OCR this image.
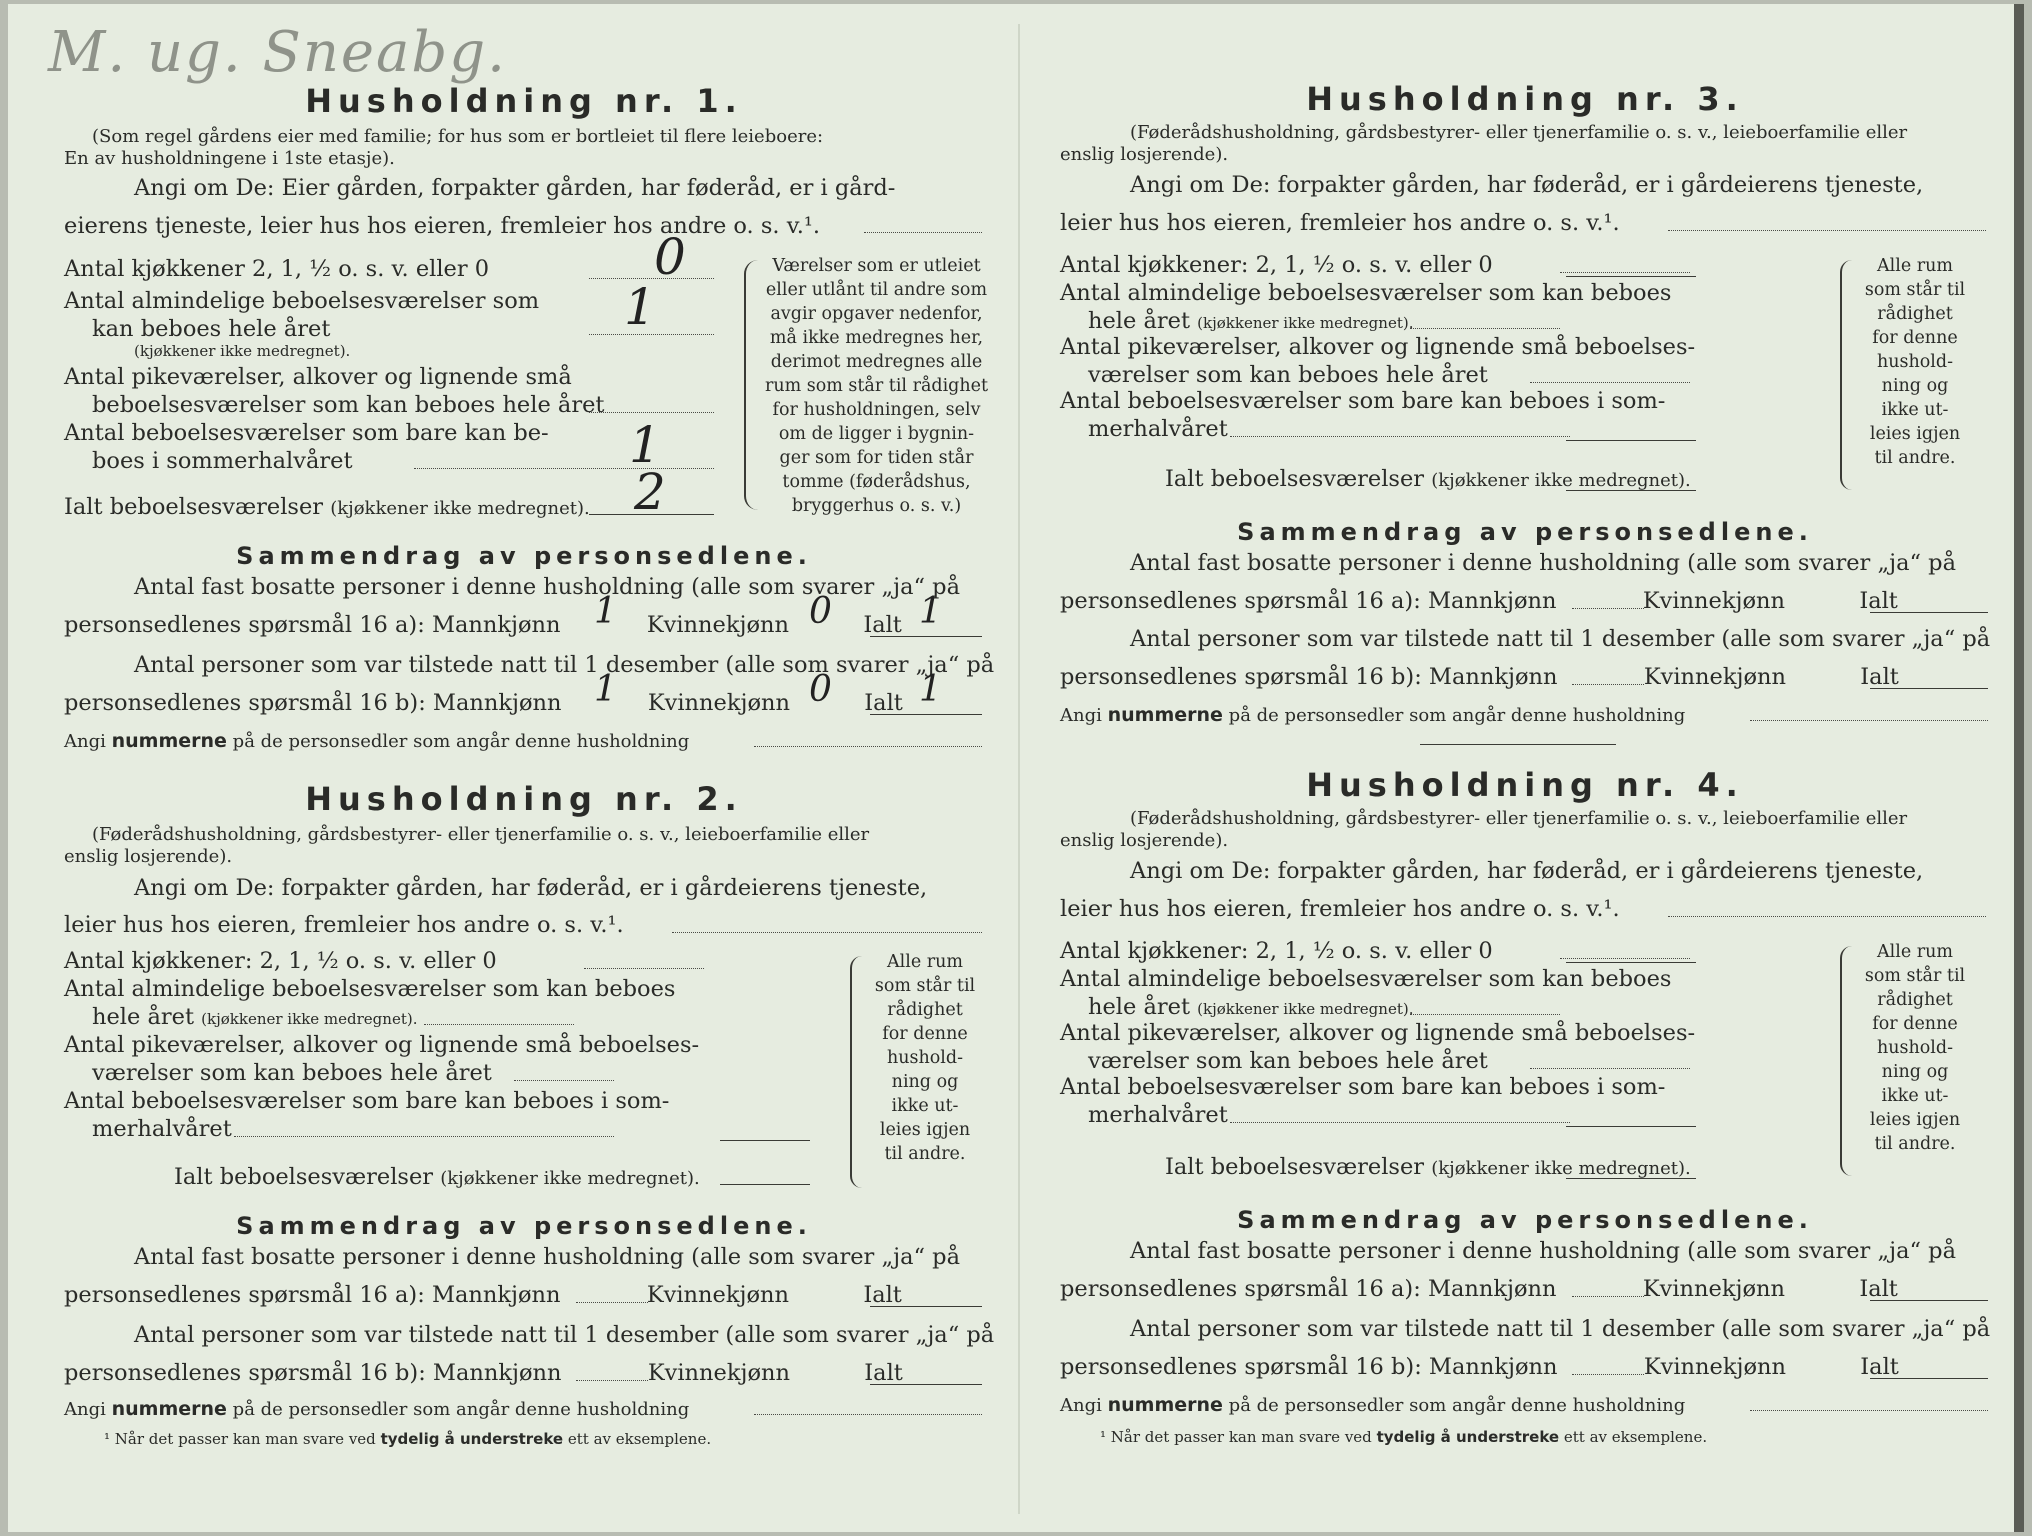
M. ug. Sneabg.
Husholdning nr. 1.
(Som regel gårdens eier med familie; for hus som er bortleiet til flere leieboere:
En av husholdningene i 1ste etasje).
Angi om De: Eier gården, forpakter gården, har føderåd, er i gård-
eierens tjeneste, leier hus hos eieren, fremleier hos andre o. s. v.¹.
Antal kjøkkener 2, 1, ½ o. s. v. eller 0	0
Antal almindelige beboelsesværelser som
kan beboes hele året
(kjøkkener ikke medregnet).
1
Antal pikeværelser, alkover og lignende små
beboelsesværelser som kan beboes hele året
Antal beboelsesværelser som bare kan be-
boes i sommerhalvåret	1
Ialt beboelsesværelser (kjøkkener ikke medregnet). 2
Værelser som er utleiet
eller utlånt til andre som
avgir opgaver nedenfor,
må ikke medregnes her,
derimot medregnes alle
rum som står til rådighet
for husholdningen, selv
om de ligger i bygnin-
ger som for tiden står
tomme (føderådshus,
bryggerhus o. s. v.)
Sammendrag av personsedlene.
Antal fast bosatte personer i denne husholdning (alle som svarer „ja“ på
personsedlenes spørsmål 16 a): Mannkjønn	Kvinnekjønn	Ialt
1	0 1
Antal personer som var tilstede natt til 1 desember (alle som svarer „ja“ på
personsedlenes spørsmål 16 b): Mannkjønn	Kvinnekjønn	Ialt
1	0 1
Angi nummerne på de personsedler som angår denne husholdning
Husholdning nr. 2.
(Føderådshusholdning, gårdsbestyrer- eller tjenerfamilie o. s. v., leieboerfamilie eller
enslig losjerende).
Angi om De: forpakter gården, har føderåd, er i gårdeierens tjeneste,
leier hus hos eieren, fremleier hos andre o. s. v.¹.
Antal kjøkkener: 2, 1, ½ o. s. v. eller 0
Antal almindelige beboelsesværelser som kan beboes
hele året (kjøkkener ikke medregnet).
Antal pikeværelser, alkover og lignende små beboelses-
værelser som kan beboes hele året
Antal beboelsesværelser som bare kan beboes i som-
merhalvåret
Ialt beboelsesværelser (kjøkkener ikke medregnet).
Alle rum
som står til
rådighet
for denne
hushold-
ning og
ikke ut-
leies igjen
til andre.
Sammendrag av personsedlene.
Antal fast bosatte personer i denne husholdning (alle som svarer „ja“ på
personsedlenes spørsmål 16 a): Mannkjønn	Kvinnekjønn	Ialt
Antal personer som var tilstede natt til 1 desember (alle som svarer „ja“ på
personsedlenes spørsmål 16 b): Mannkjønn	Kvinnekjønn	Ialt
Angi nummerne på de personsedler som angår denne husholdning
¹ Når det passer kan man svare ved tydelig å understreke ett av eksemplene.
Husholdning nr. 3.
(Føderådshusholdning, gårdsbestyrer- eller tjenerfamilie o. s. v., leieboerfamilie eller
enslig losjerende).
Angi om De: forpakter gården, har føderåd, er i gårdeierens tjeneste,
leier hus hos eieren, fremleier hos andre o. s. v.¹.
Antal kjøkkener: 2, 1, ½ o. s. v. eller 0
Antal almindelige beboelsesværelser som kan beboes
hele året (kjøkkener ikke medregnet).
Antal pikeværelser, alkover og lignende små beboelses-
værelser som kan beboes hele året
Antal beboelsesværelser som bare kan beboes i som-
merhalvåret
Ialt beboelsesværelser (kjøkkener ikke medregnet).
Alle rum
som står til
rådighet
for denne
hushold-
ning og
ikke ut-
leies igjen
til andre.
Sammendrag av personsedlene.
Antal fast bosatte personer i denne husholdning (alle som svarer „ja“ på
personsedlenes spørsmål 16 a): Mannkjønn	Kvinnekjønn	Ialt
Antal personer som var tilstede natt til 1 desember (alle som svarer „ja“ på
personsedlenes spørsmål 16 b): Mannkjønn	Kvinnekjønn	Ialt
Angi nummerne på de personsedler som angår denne husholdning
Husholdning nr. 4.
(Føderådshusholdning, gårdsbestyrer- eller tjenerfamilie o. s. v., leieboerfamilie eller
enslig losjerende).
Angi om De: forpakter gården, har føderåd, er i gårdeierens tjeneste,
leier hus hos eieren, fremleier hos andre o. s. v.¹.
Antal kjøkkener: 2, 1, ½ o. s. v. eller 0
Antal almindelige beboelsesværelser som kan beboes
hele året (kjøkkener ikke medregnet).
Antal pikeværelser, alkover og lignende små beboelses-
værelser som kan beboes hele året
Antal beboelsesværelser som bare kan beboes i som-
merhalvåret
Ialt beboelsesværelser (kjøkkener ikke medregnet).
Alle rum
som står til
rådighet
for denne
hushold-
ning og
ikke ut-
leies igjen
til andre.
Sammendrag av personsedlene.
Antal fast bosatte personer i denne husholdning (alle som svarer „ja“ på
personsedlenes spørsmål 16 a): Mannkjønn	Kvinnekjønn	Ialt
Antal personer som var tilstede natt til 1 desember (alle som svarer „ja“ på
personsedlenes spørsmål 16 b): Mannkjønn	Kvinnekjønn	Ialt
Angi nummerne på de personsedler som angår denne husholdning
¹ Når det passer kan man svare ved tydelig å understreke ett av eksemplene.
